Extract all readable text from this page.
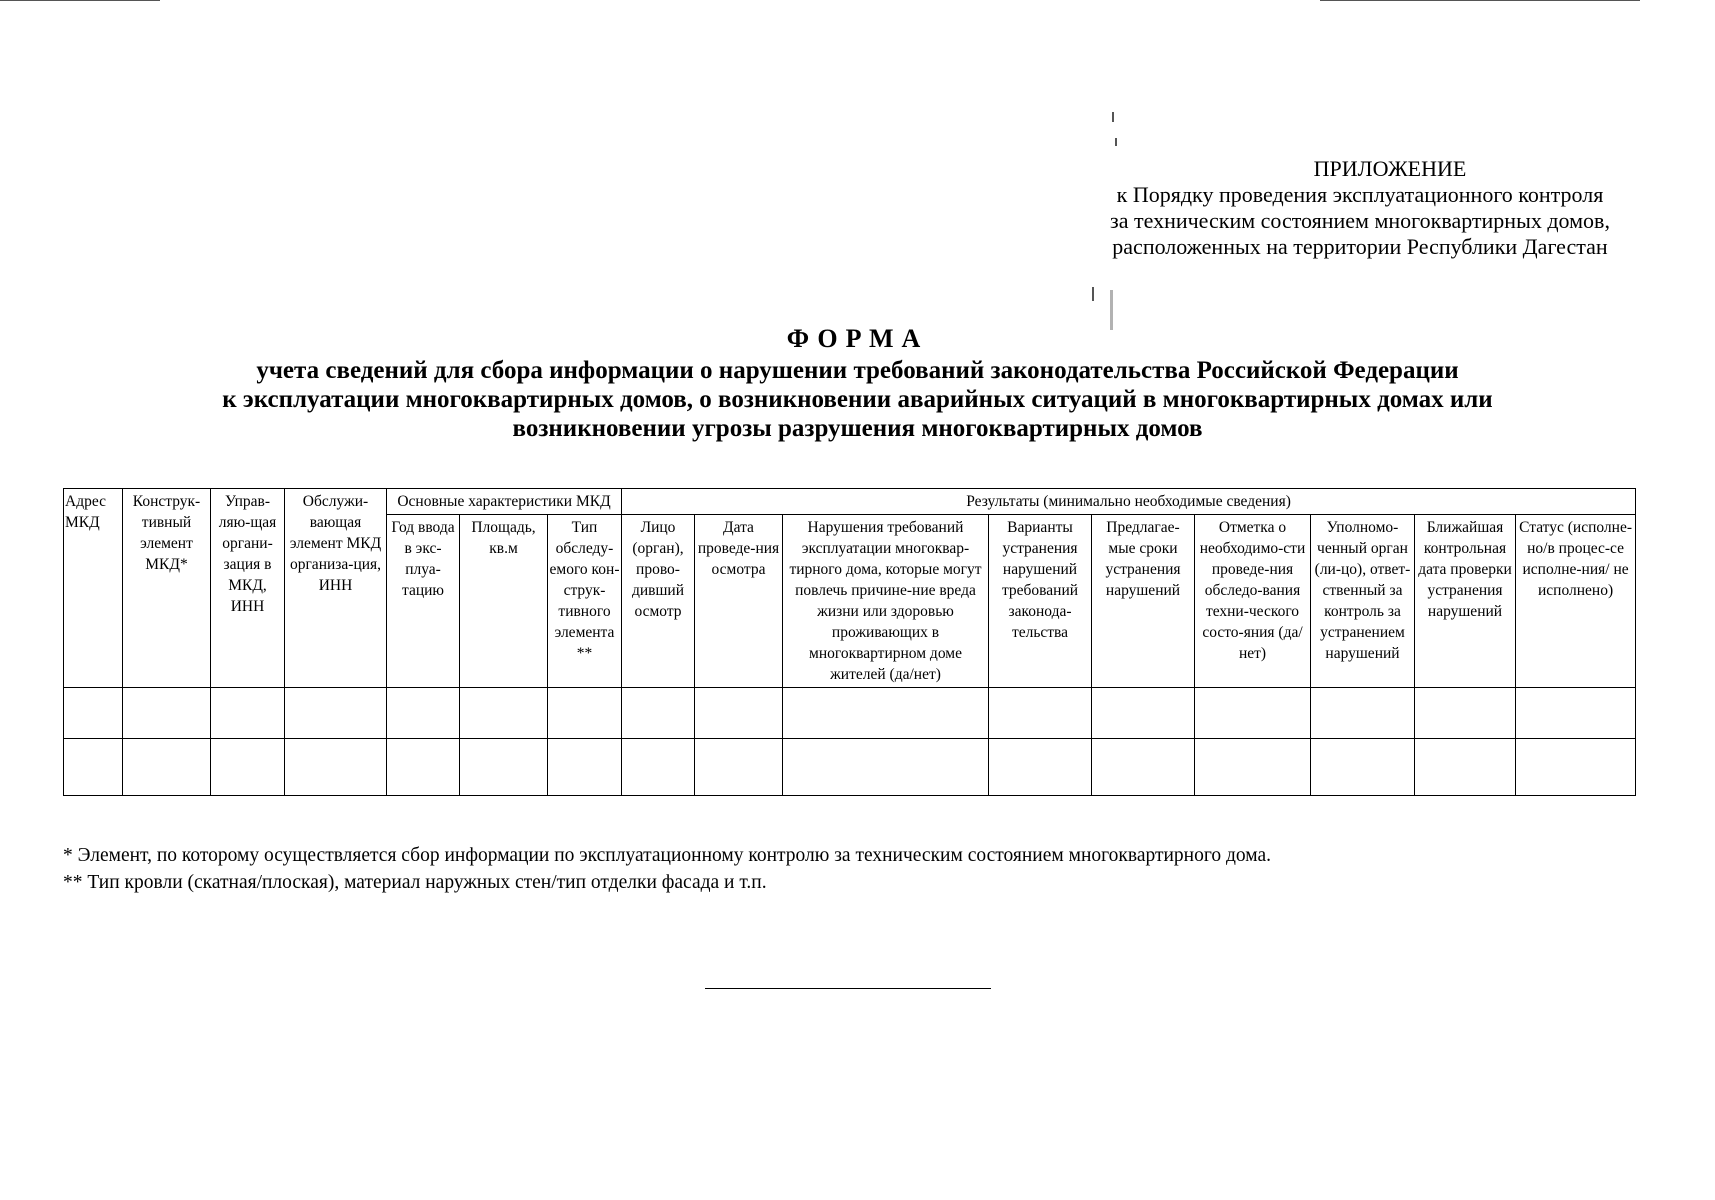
ПРИЛОЖЕНИЕ
к Порядку проведения эксплуатационного контроля
за техническим состоянием многоквартирных домов,
расположенных на территории Республики Дагестан
ФОРМА
учета сведений для сбора информации о нарушении требований законодательства Российской Федерации
к эксплуатации многоквартирных домов, о возникновении аварийных ситуаций в многоквартирных домах или
возникновении угрозы разрушения многоквартирных домов
Адрес МКД	Конструк-тивный элемент МКД*	Управ-ляю-щая органи-зация в МКД, ИНН	Обслужи-вающая элемент МКД организа-ция, ИНН	Основные характеристики МКД			Результаты (минимально необходимые сведения)								
				Год ввода в экс-плуа-тацию	Площадь, кв.м	Тип обследу-емого кон-струк-тивного элемента **	Лицо (орган), прово-дивший осмотр	Дата проведе-ния осмотра	Нарушения требований эксплуатации многоквар-тирного дома, которые могут повлечь причине-ние вреда жизни или здоровью проживающих в многоквартирном доме жителей (да/нет)	Варианты устранения нарушений требований законода-тельства	Предлагае-мые сроки устранения нарушений	Отметка о необходимо-сти проведе-ния обследо-вания техни-ческого состо-яния (да/нет)	Уполномо-ченный орган (ли-цо), ответ-ственный за контроль за устранением нарушений	Ближайшая контрольная дата проверки устранения нарушений	Статус (исполне-но/в процес-се исполне-ния/ не исполнено)

* Элемент, по которому осуществляется сбор информации по эксплуатационному контролю за техническим состоянием многоквартирного дома.
** Тип кровли (скатная/плоская), материал наружных стен/тип отделки фасада и т.п.
